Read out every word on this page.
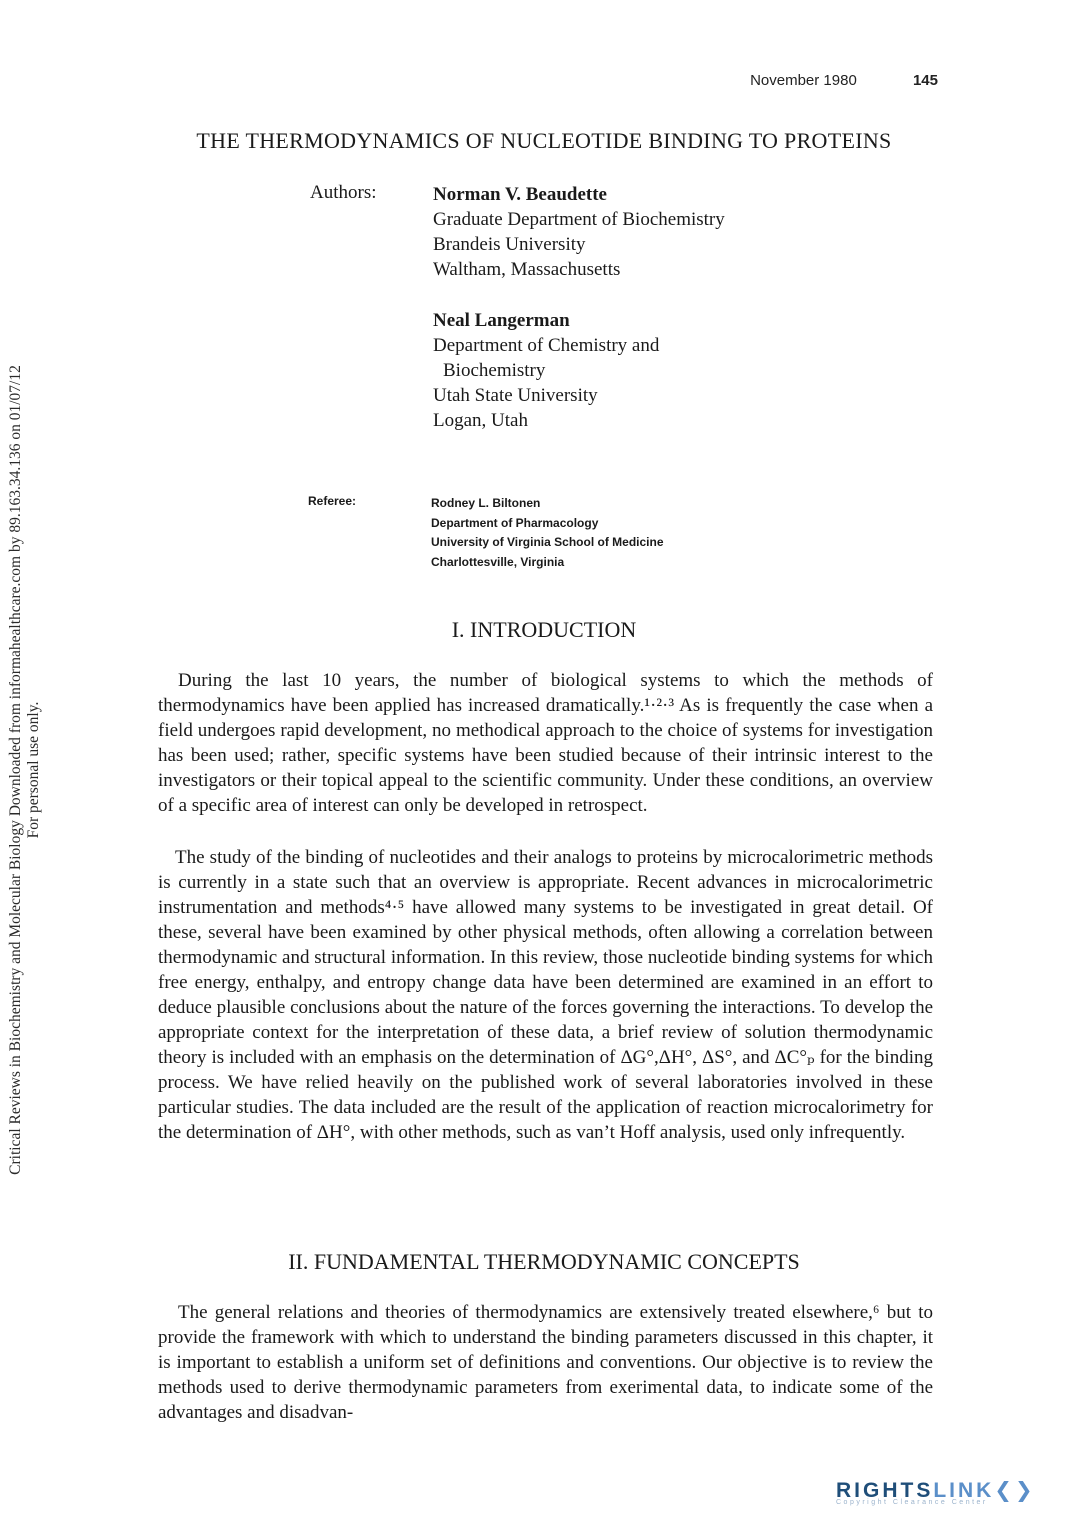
Critical Reviews in Biochemistry and Molecular Biology Downloaded from informahealthcare.com by 89.163.34.136 on 01/07/12 For personal use only.
November 1980	145
THE THERMODYNAMICS OF NUCLEOTIDE BINDING TO PROTEINS
Authors:	Norman V. Beaudette
Graduate Department of Biochemistry
Brandeis University
Waltham, Massachusetts
Neal Langerman
Department of Chemistry and
Biochemistry
Utah State University
Logan, Utah
Referee:	Rodney L. Biltonen
Department of Pharmacology
University of Virginia School of Medicine
Charlottesville, Virginia
I. INTRODUCTION

During the last 10 years, the number of biological systems to which the methods of thermodynamics have been applied has increased dramatically.¹·²·³ As is frequently the case when a field undergoes rapid development, no methodical approach to the choice of systems for investigation has been used; rather, specific systems have been studied because of their intrinsic interest to the investigators or their topical appeal to the scientific community. Under these conditions, an overview of a specific area of interest can only be developed in retrospect.

The study of the binding of nucleotides and their analogs to proteins by microcalorimetric methods is currently in a state such that an overview is appropriate. Recent advances in microcalorimetric instrumentation and methods⁴·⁵ have allowed many systems to be investigated in great detail. Of these, several have been examined by other physical methods, often allowing a correlation between thermodynamic and structural information. In this review, those nucleotide binding systems for which free energy, enthalpy, and entropy change data have been determined are examined in an effort to deduce plausible conclusions about the nature of the forces governing the interactions. To develop the appropriate context for the interpretation of these data, a brief review of solution thermodynamic theory is included with an emphasis on the determination of ΔG°,ΔH°, ΔS°, and ΔC°ₚ for the binding process. We have relied heavily on the published work of several laboratories involved in these particular studies. The data included are the result of the application of reaction microcalorimetry for the determination of ΔH°, with other methods, such as van’t Hoff analysis, used only infrequently.

II. FUNDAMENTAL THERMODYNAMIC CONCEPTS

The general relations and theories of thermodynamics are extensively treated elsewhere,⁶ but to provide the framework with which to understand the binding parameters discussed in this chapter, it is important to establish a uniform set of definitions and conventions. Our objective is to review the methods used to derive thermodynamic parameters from exerimental data, to indicate some of the advantages and disadvan-

RIGHTSLINK❮❯
Copyright Clearance Center
